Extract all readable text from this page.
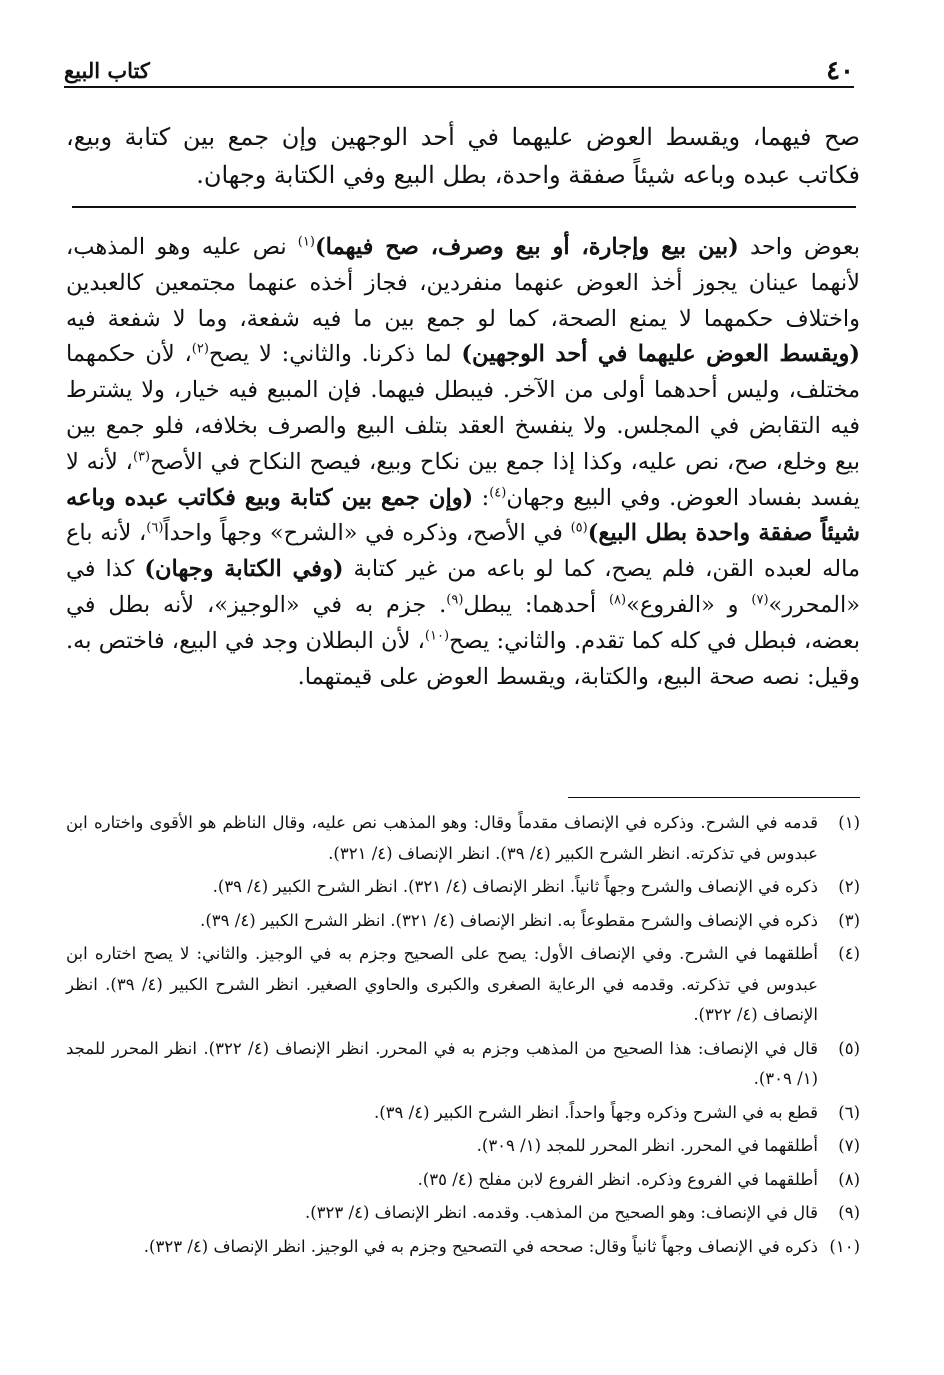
٤٠
كتاب البيع

صح فيهما، ويقسط العوض عليهما في أحد الوجهين وإن جمع بين كتابة وبيع، فكاتب عبده وباعه شيئاً صفقة واحدة، بطل البيع وفي الكتابة وجهان.

بعوض واحد (بين بيع وإجارة، أو بيع وصرف، صح فيهما)$^{(١)}$ نص عليه وهو المذهب، لأنهما عينان يجوز أخذ العوض عنهما منفردين، فجاز أخذه عنهما مجتمعين كالعبدين واختلاف حكمهما لا يمنع الصحة، كما لو جمع بين ما فيه شفعة، وما لا شفعة فيه (ويقسط العوض عليهما في أحد الوجهين) لما ذكرنا. والثاني: لا يصح$^{(٢)}$، لأن حكمهما مختلف، وليس أحدهما أولى من الآخر. فيبطل فيهما. فإن المبيع فيه خيار، ولا يشترط فيه التقابض في المجلس. ولا ينفسخ العقد بتلف البيع والصرف بخلافه، فلو جمع بين بيع وخلع، صح، نص عليه، وكذا إذا جمع بين نكاح وبيع، فيصح النكاح في الأصح$^{(٣)}$، لأنه لا يفسد بفساد العوض. وفي البيع وجهان$^{(٤)}$: (وإن جمع بين كتابة وبيع فكاتب عبده وباعه شيئاً صفقة واحدة بطل البيع)$^{(٥)}$ في الأصح، وذكره في «الشرح» وجهاً واحداً$^{(٦)}$، لأنه باع ماله لعبده القن، فلم يصح، كما لو باعه من غير كتابة (وفي الكتابة وجهان) كذا في «المحرر»$^{(٧)}$ و «الفروع»$^{(٨)}$ أحدهما: يبطل$^{(٩)}$. جزم به في «الوجيز»، لأنه بطل في بعضه، فبطل في كله كما تقدم. والثاني: يصح$^{(١٠)}$، لأن البطلان وجد في البيع، فاختص به. وقيل: نصه صحة البيع، والكتابة، ويقسط العوض على قيمتهما.

(١)
قدمه في الشرح. وذكره في الإنصاف مقدماً وقال: وهو المذهب نص عليه، وقال الناظم هو الأقوى واختاره ابن عبدوس في تذكرته. انظر الشرح الكبير (٤/ ٣٩). انظر الإنصاف (٤/ ٣٢١).
(٢)
ذكره في الإنصاف والشرح وجهاً ثانياً. انظر الإنصاف (٤/ ٣٢١). انظر الشرح الكبير (٤/ ٣٩).
(٣)
ذكره في الإنصاف والشرح مقطوعاً به. انظر الإنصاف (٤/ ٣٢١). انظر الشرح الكبير (٤/ ٣٩).
(٤)
أطلقهما في الشرح. وفي الإنصاف الأول: يصح على الصحيح وجزم به في الوجيز. والثاني: لا يصح اختاره ابن عبدوس في تذكرته. وقدمه في الرعاية الصغرى والكبرى والحاوي الصغير. انظر الشرح الكبير (٤/ ٣٩). انظر الإنصاف (٤/ ٣٢٢).
(٥)
قال في الإنصاف: هذا الصحيح من المذهب وجزم به في المحرر. انظر الإنصاف (٤/ ٣٢٢). انظر المحرر للمجد (١/ ٣٠٩).
(٦)
قطع به في الشرح وذكره وجهاً واحداً. انظر الشرح الكبير (٤/ ٣٩).
(٧)
أطلقهما في المحرر. انظر المحرر للمجد (١/ ٣٠٩).
(٨)
أطلقهما في الفروع وذكره. انظر الفروع لابن مفلح (٤/ ٣٥).
(٩)
قال في الإنصاف: وهو الصحيح من المذهب. وقدمه. انظر الإنصاف (٤/ ٣٢٣).
(١٠)
ذكره في الإنصاف وجهاً ثانياً وقال: صححه في التصحيح وجزم به في الوجيز. انظر الإنصاف (٤/ ٣٢٣).
